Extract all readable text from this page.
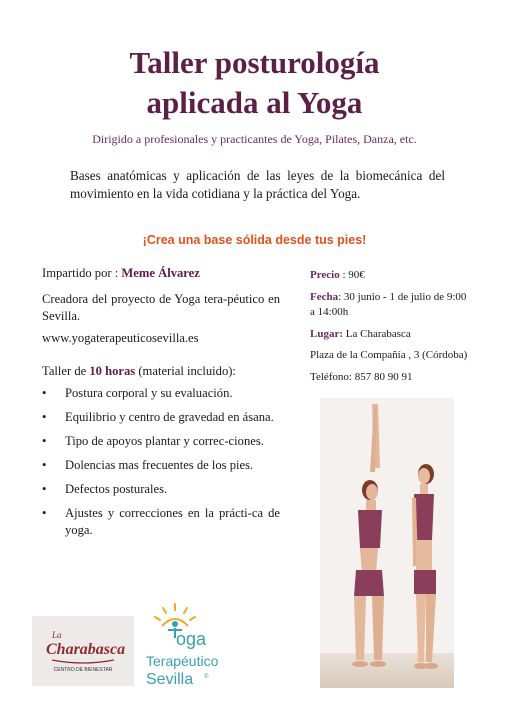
Taller posturología
aplicada al Yoga
Dirigido a profesionales y practicantes de Yoga, Pilates, Danza, etc.
Bases anatómicas y aplicación de las leyes de la biomecánica del movimiento en la vida cotidiana y la práctica del Yoga.
¡Crea una base sólida desde tus pies!

Impartido por : Meme Álvarez

Creadora del proyecto de Yoga tera-péutico en Sevilla.

www.yogaterapeuticosevilla.es

Taller de 10 horas (material incluido):

• Postura corporal y su evaluación.
• Equilibrio y centro de gravedad en ásana.
• Tipo de apoyos plantar y correc-ciones.
• Dolencias mas frecuentes de los pies.
• Defectos posturales.
• Ajustes y correcciones en la prácti-ca de yoga.
Precio : 90€
Fecha: 30 junio - 1 de julio de 9:00 a 14:00h
Lugar: La Charabasca
Plaza de la Compañía , 3 (Córdoba)
Teléfono: 857 80 90 91
La
Charabasca
CENTRO DE BIENESTAR
oga
Terapéutico
Sevilla ®
